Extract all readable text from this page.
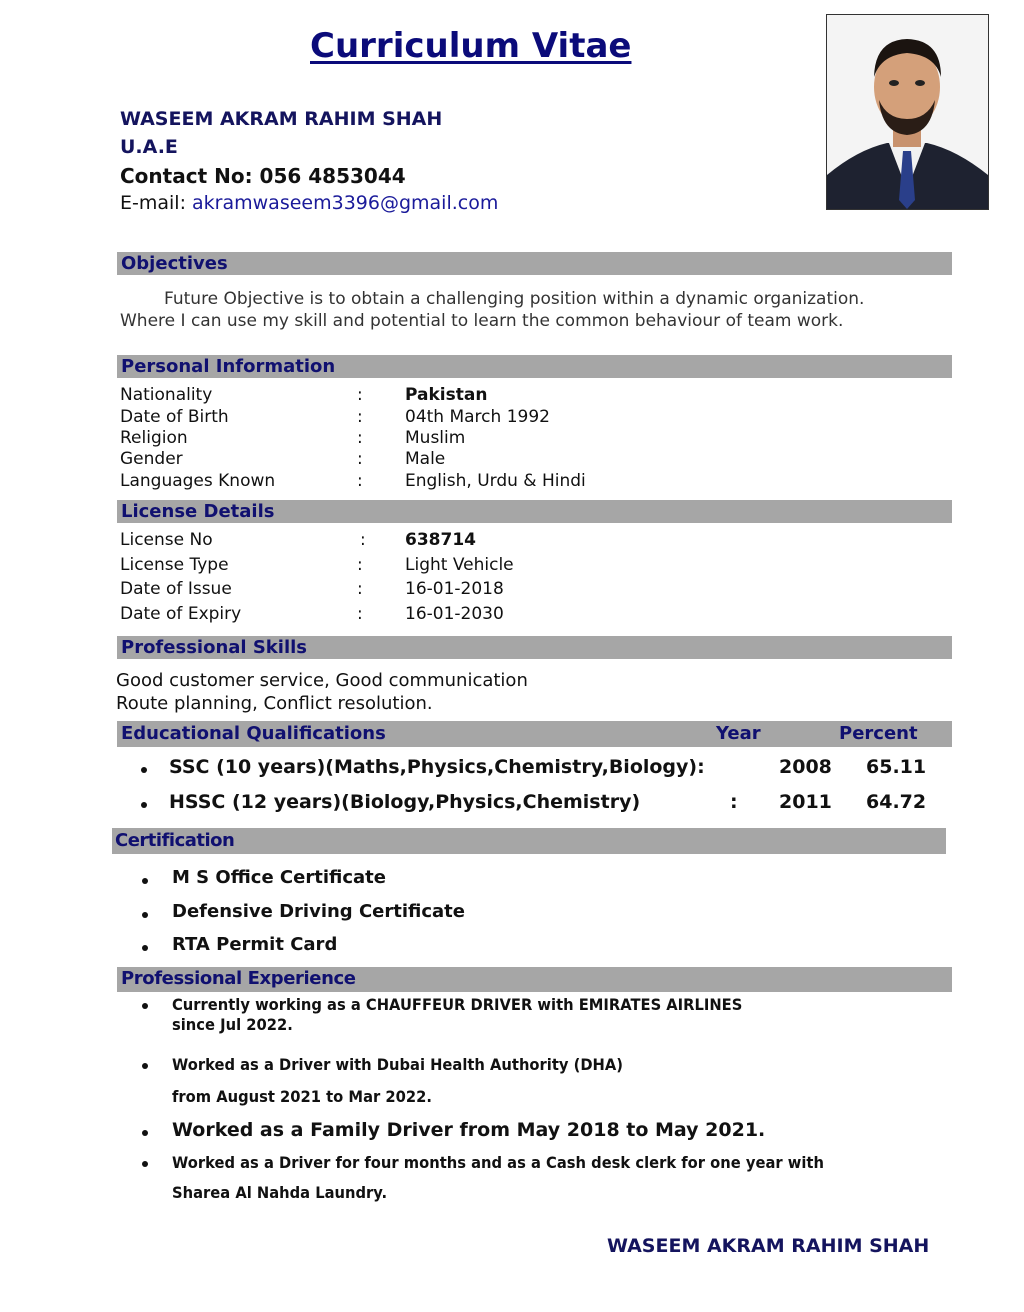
Curriculum Vitae
WASEEM AKRAM RAHIM SHAH
U.A.E
Contact No: 056 4853044
E-mail: akramwaseem3396@gmail.com
Objectives
Future Objective is to obtain a challenging position within a dynamic organization.
Where I can use my skill and potential to learn the common behaviour of team work.
Personal Information
Nationality	: Pakistan
Date of Birth	: 04th March 1992
Religion	: Muslim
Gender	: Male
Languages Known	: English, Urdu & Hindi
License Details
License No	: 638714
License Type	: Light Vehicle
Date of Issue	: 16-01-2018
Date of Expiry	: 16-01-2030
Professional Skills
Good customer service, Good communication
Route planning, Conflict resolution.
Educational Qualifications	Year	Percent
SSC (10 years)(Maths,Physics,Chemistry,Biology):	2008 65.11
HSSC (12 years)(Biology,Physics,Chemistry)	: 2011 64.72
Certification
M S Office Certificate
Defensive Driving Certificate
RTA Permit Card
Professional Experience
Currently working as a CHAUFFEUR DRIVER with EMIRATES AIRLINES
since Jul 2022.
Worked as a Driver with Dubai Health Authority (DHA)
from August 2021 to Mar 2022.
Worked as a Family Driver from May 2018 to May 2021.
Worked as a Driver for four months and as a Cash desk clerk for one year with
Sharea Al Nahda Laundry.
WASEEM AKRAM RAHIM SHAH
